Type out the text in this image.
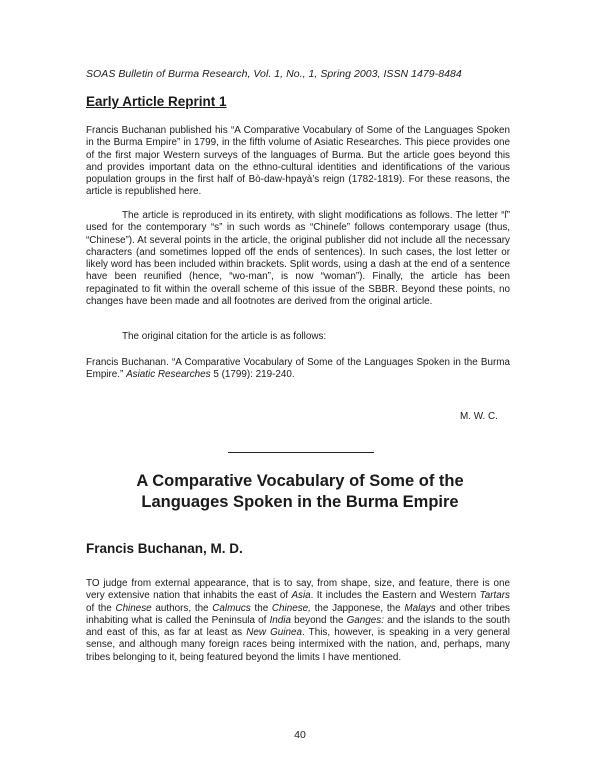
SOAS Bulletin of Burma Research, Vol. 1, No., 1, Spring 2003, ISSN 1479-8484
Early Article Reprint 1

Francis Buchanan published his “A Comparative Vocabulary of Some of the Languages Spoken in the Burma Empire” in 1799, in the fifth volume of Asiatic Researches. This piece provides one of the first major Western surveys of the languages of Burma. But the article goes beyond this and provides important data on the ethno-cultural identities and identifications of the various population groups in the first half of Bò-daw-hpayà’s reign (1782-1819). For these reasons, the article is republished here.

The article is reproduced in its entirety, with slight modifications as follows. The letter “ſ” used for the contemporary “s” in such words as “Chineſe” follows contemporary usage (thus, “Chinese”). At several points in the article, the original publisher did not include all the necessary characters (and sometimes lopped off the ends of sentences). In such cases, the lost letter or likely word has been included within brackets. Split words, using a dash at the end of a sentence have been reunified (hence, “wo-man”, is now “woman”). Finally, the article has been repaginated to fit within the overall scheme of this issue of the SBBR. Beyond these points, no changes have been made and all footnotes are derived from the original article.

The original citation for the article is as follows:

Francis Buchanan. “A Comparative Vocabulary of Some of the Languages Spoken in the Burma Empire.” Asiatic Researches 5 (1799): 219-240.

M. W. C.
A Comparative Vocabulary of Some of the
Languages Spoken in the Burma Empire
Francis Buchanan, M. D.

TO judge from external appearance, that is to say, from shape, size, and feature, there is one very extensive nation that inhabits the east of Asia. It includes the Eastern and Western Tartars of the Chinese authors, the Calmucs the Chinese, the Japponese, the Malays and other tribes inhabiting what is called the Peninsula of India beyond the Ganges: and the islands to the south and east of this, as far at least as New Guinea. This, however, is speaking in a very general sense, and although many foreign races being intermixed with the nation, and, perhaps, many tribes belonging to it, being featured beyond the limits I have mentioned.

40
